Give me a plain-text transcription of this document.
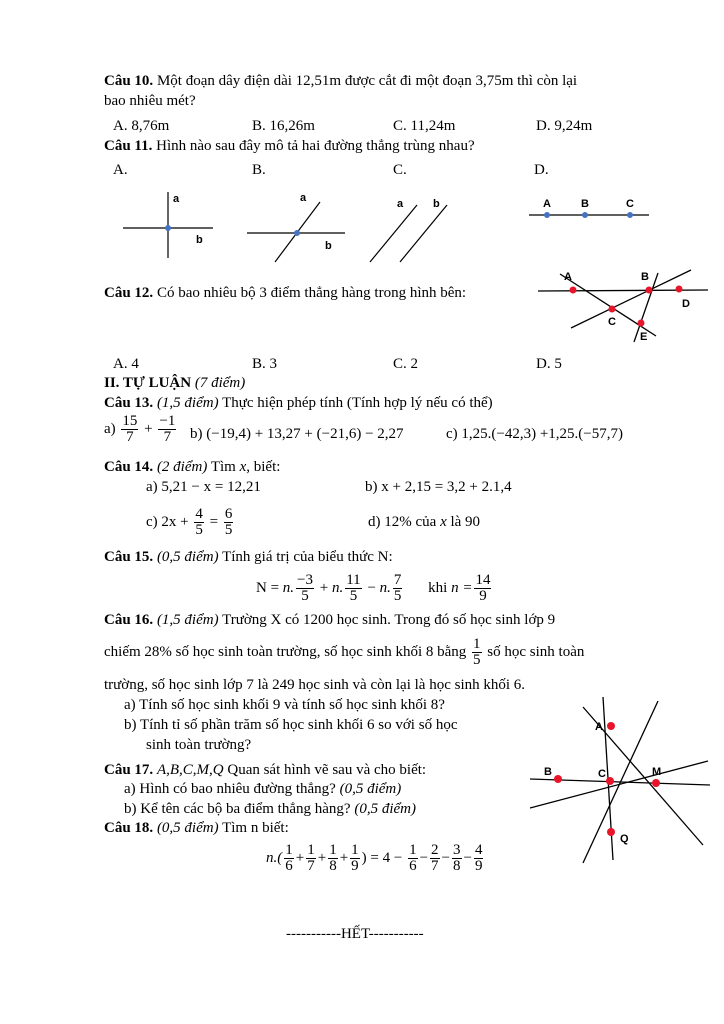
Câu 10. Một đoạn dây điện dài 12,51m được cắt đi một đoạn 3,75m thì còn lại
bao nhiêu mét?
A. 8,76m	B. 16,26m	C. 11,24m	D. 9,24m
Câu 11. Hình nào sau đây mô tả hai đường thẳng trùng nhau?
A.	B.	C.	D.
a
b
a
b
a	b	A	B	C
Câu 12. Có bao nhiêu bộ 3 điểm thẳng hàng trong hình bên:
A	B
C
D
E
A. 4	B. 3	C. 2	D. 5
II. TỰ LUẬN (7 điểm)
Câu 13. (1,5 điểm) Thực hiện phép tính (Tính hợp lý nếu có thể)
$a) \frac{15}{7} + \frac{-1}{7} b$) (−19,4) + 13,27 + (−21,6) − 2,27	c) 1,25.(−42,3) +1,25.(−57,7)
Câu 14. (2 điểm) Tìm x, biết:
a) 5,21 − x = 12,21	b) x + 2,15 = 3,2 + 2.1,4
c) $2x + \frac{4}{5} = \frac{6}{5}$	d) 12% của x là 90
Câu 15. (0,5 điểm) Tính giá trị của biểu thức N:
N = n. $\frac{-3}{5} + n$. $\frac{11}{5} - n$. $\frac{7}{5}$ khi $n = \frac{14}{9}$
Câu 16. (1,5 điểm) Trường X có 1200 học sinh. Trong đó số học sinh lớp 9
chiếm 28% số học sinh toàn trường, số học sinh khối 8 bằng $\frac{1}{5}$ số học sinh toàn
trường, số học sinh lớp 7 là 249 học sinh và còn lại là học sinh khối 6.
a) Tính số học sinh khối 9 và tính số học sinh khối 8?
b) Tính tỉ số phần trăm số học sinh khối 6 so với số học
sinh toàn trường?
Câu 17. A,B,C,M,Q Quan sát hình vẽ sau và cho biết:
a) Hình có bao nhiêu đường thẳng? (0,5 điểm)
b) Kể tên các bộ ba điểm thẳng hàng? (0,5 điểm)
A
B	C	M
Q
Câu 18. (0,5 điểm) Tìm n biết:
$n.( \frac{1}{6} + \frac{1}{7} + \frac{1}{8} + \frac{1}{9}$ ) = $4 - \frac{1}{6} - \frac{2}{7} - \frac{3}{8} - \frac{4}{9}$
-----------HẾT-----------
